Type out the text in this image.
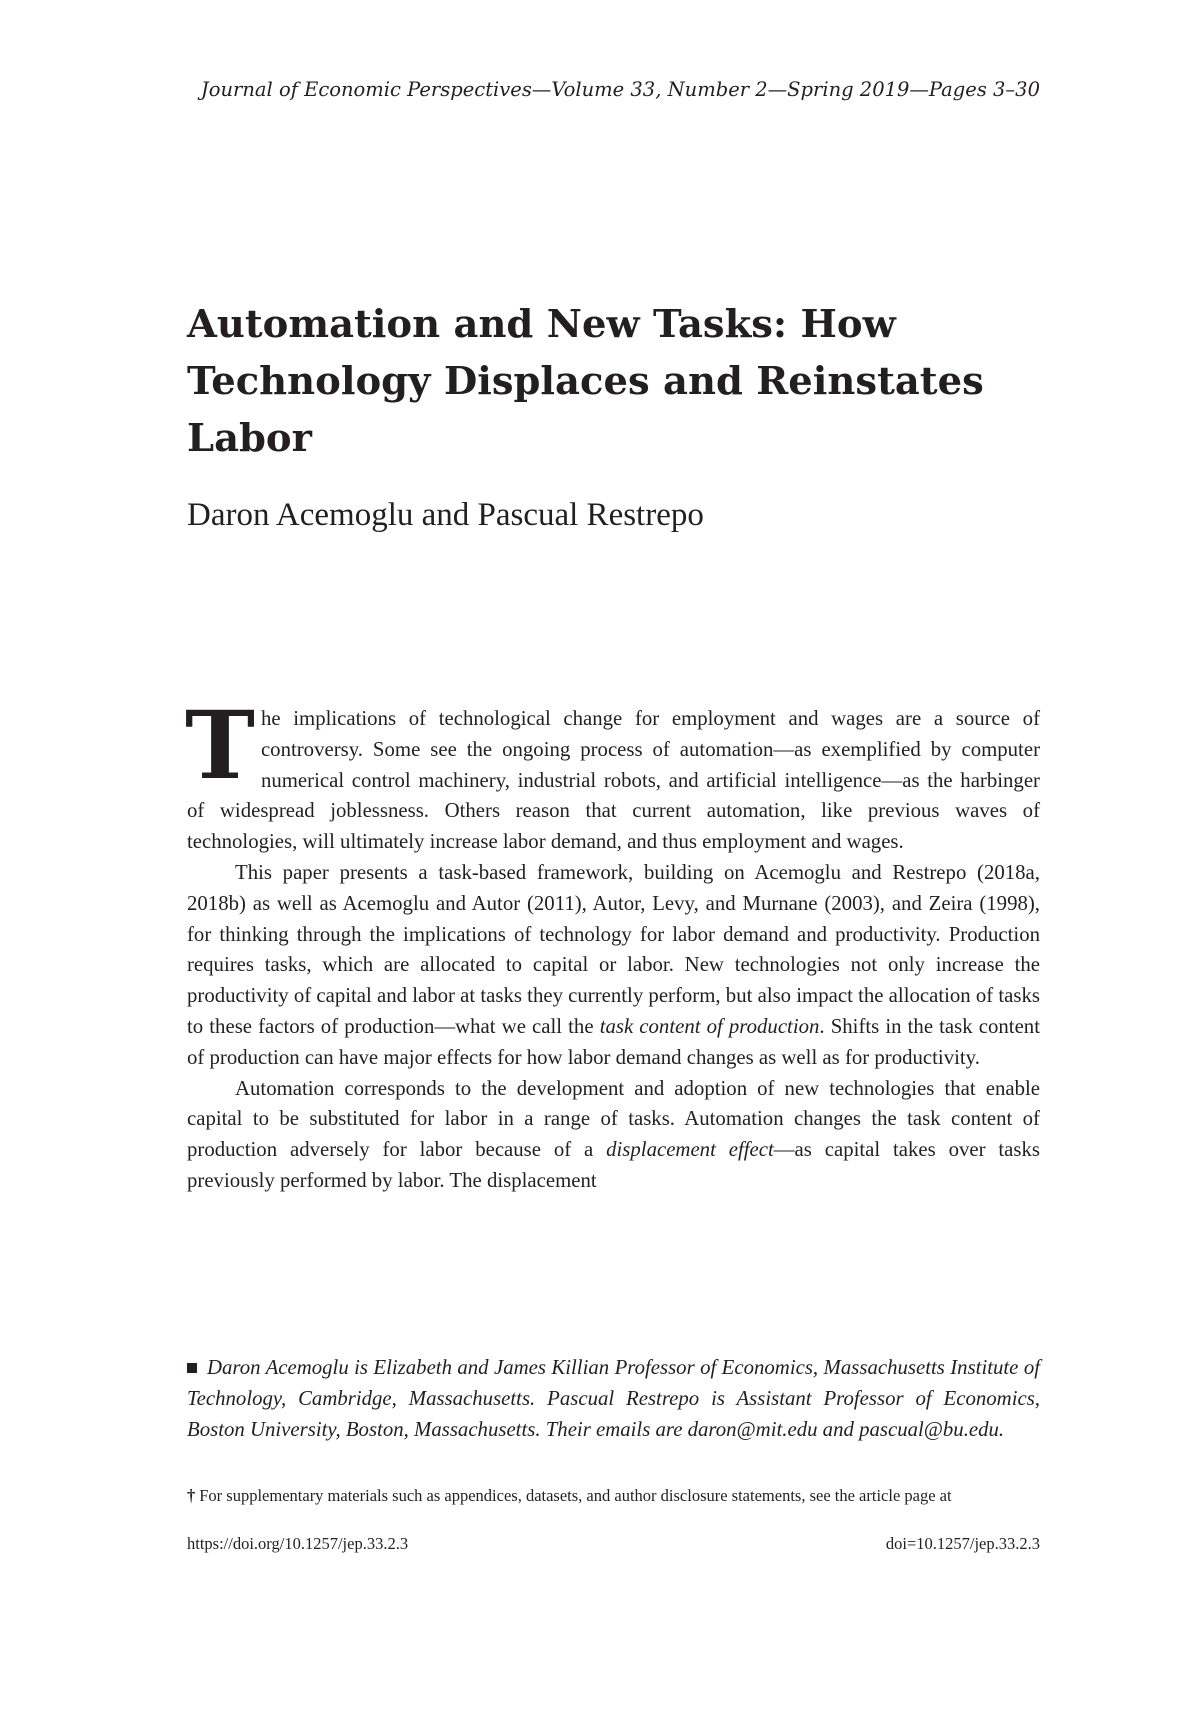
Journal of Economic Perspectives—Volume 33, Number 2—Spring 2019—Pages 3–30
Automation and New Tasks: How
Technology Displaces and Reinstates
Labor
Daron Acemoglu and Pascual Restrepo

The implications of technological change for employment and wages are a source of controversy. Some see the ongoing process of automation—as exemplified by computer numerical control machinery, industrial robots, and artificial intelligence—as the harbinger of widespread joblessness. Others reason that current automation, like previous waves of technologies, will ultimately increase labor demand, and thus employment and wages.

This paper presents a task-based framework, building on Acemoglu and Restrepo (2018a, 2018b) as well as Acemoglu and Autor (2011), Autor, Levy, and Murnane (2003), and Zeira (1998), for thinking through the implications of technology for labor demand and productivity. Production requires tasks, which are allocated to capital or labor. New technologies not only increase the productivity of capital and labor at tasks they currently perform, but also impact the allocation of tasks to these factors of production—what we call the task content of production. Shifts in the task content of production can have major effects for how labor demand changes as well as for productivity.

Automation corresponds to the development and adoption of new technologies that enable capital to be substituted for labor in a range of tasks. Automation changes the task content of production adversely for labor because of a displacement effect—as capital takes over tasks previously performed by labor. The displacement

Daron Acemoglu is Elizabeth and James Killian Professor of Economics, Massachusetts Institute of Technology, Cambridge, Massachusetts. Pascual Restrepo is Assistant Professor of Economics, Boston University, Boston, Massachusetts. Their emails are daron@mit.edu and pascual@bu.edu.
† For supplementary materials such as appendices, datasets, and author disclosure statements, see the article page at
https://doi.org/10.1257/jep.33.2.3	doi=10.1257/jep.33.2.3
